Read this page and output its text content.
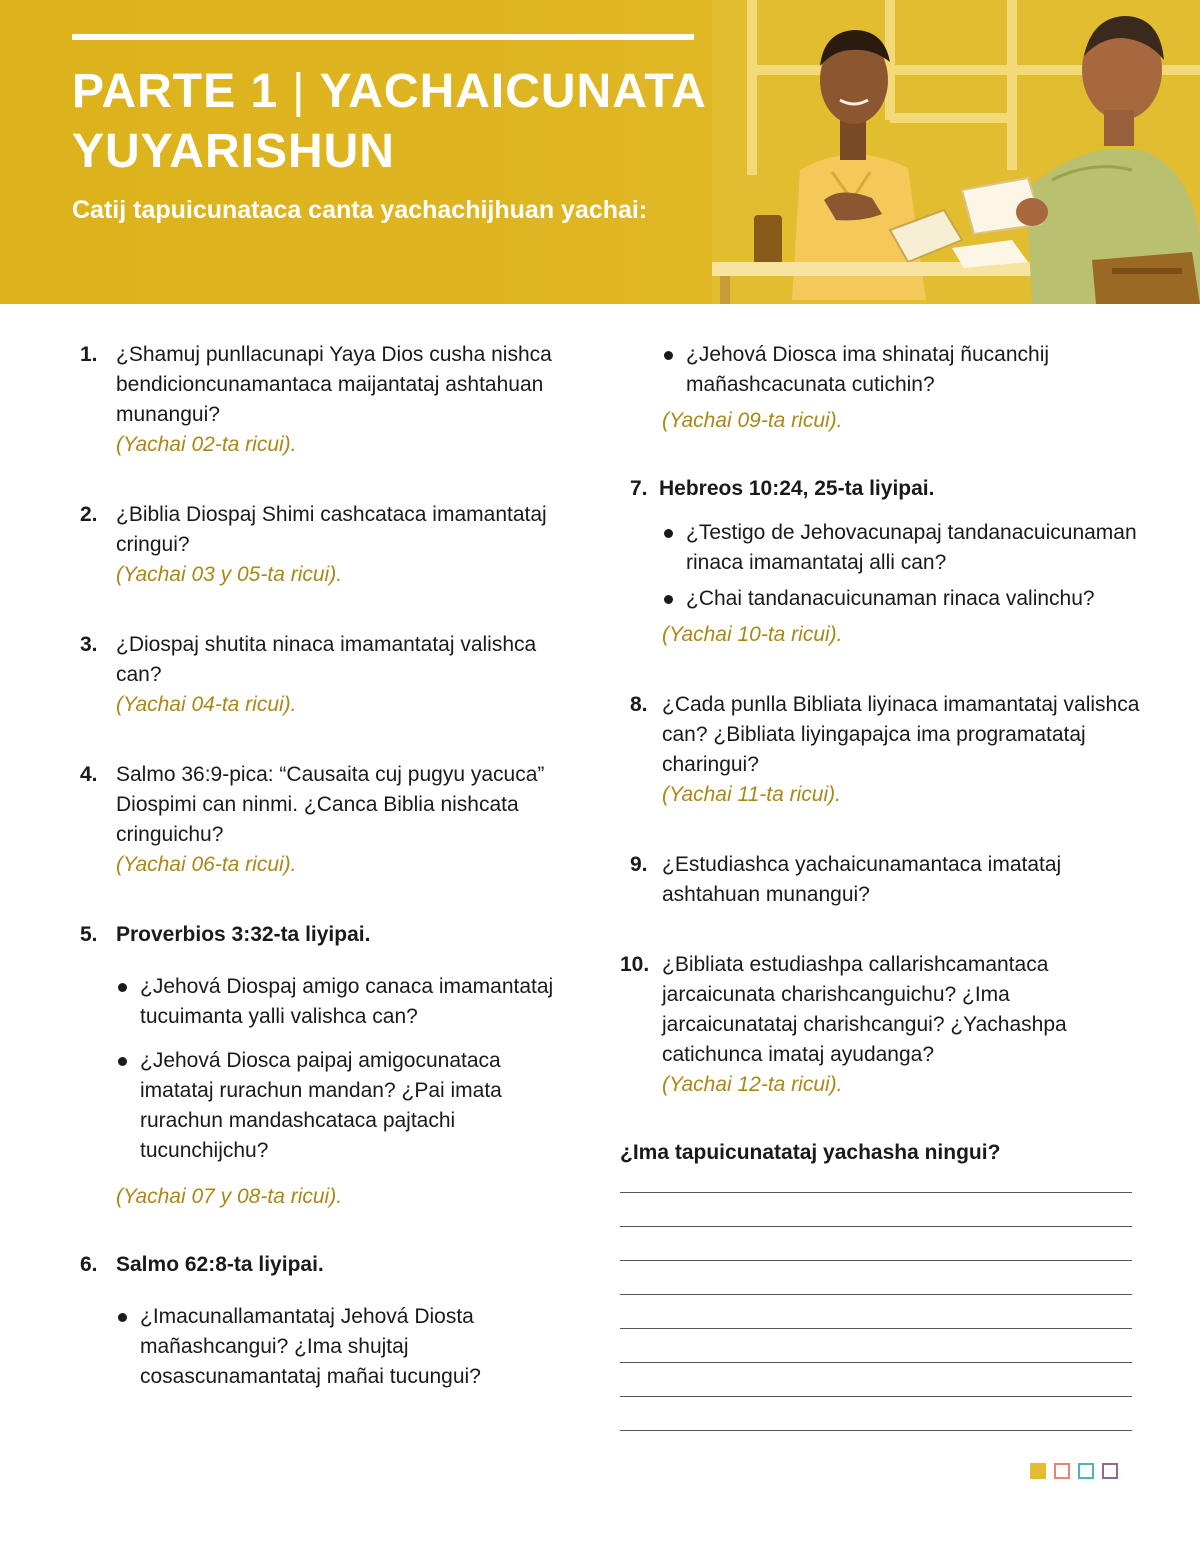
PARTE 1 | YACHAICUNATA YUYARISHUN

Catij tapuicunataca canta yachachijhuan yachai:

1. ¿Shamuj punllacunapi Yaya Dios cusha nishca bendicioncunamantaca maijantataj ashtahuan munangui?
(Yachai 02-ta ricui).
2. ¿Biblia Diospaj Shimi cashcataca imamantataj cringui?
(Yachai 03 y 05-ta ricui).
3. ¿Diospaj shutita ninaca imamantataj valishca can?
(Yachai 04-ta ricui).
4. Salmo 36:9-pica: “Causaita cuj pugyu yacuca” Diospimi can ninmi. ¿Canca Biblia nishcata cringuichu?
(Yachai 06-ta ricui).
5. Proverbios 3:32-ta liyipai.
¿Jehová Diospaj amigo canaca imamantataj tucuimanta yalli valishca can?
¿Jehová Diosca paipaj amigocunataca imatataj rurachun mandan? ¿Pai imata rurachun mandashcataca pajtachi tucunchijchu?
(Yachai 07 y 08-ta ricui).
6. Salmo 62:8-ta liyipai.
¿Imacunallamantataj Jehová Diosta mañashcangui? ¿Ima shujtaj cosascunamantataj mañai tucungui?
¿Jehová Diosca ima shinataj ñucanchij mañashcacunata cutichin?
(Yachai 09-ta ricui).
7. Hebreos 10:24, 25-ta liyipai.
¿Testigo de Jehovacunapaj tandanacuicunaman rinaca imamantataj alli can?
¿Chai tandanacuicunaman rinaca valinchu?
(Yachai 10-ta ricui).
8. ¿Cada punlla Bibliata liyinaca imamantataj valishca can? ¿Bibliata liyingapajca ima programatataj charingui?
(Yachai 11-ta ricui).
9. ¿Estudiashca yachaicunamantaca imatataj ashtahuan munangui?
10. ¿Bibliata estudiashpa callarishcamantaca jarcaicunata charishcanguichu? ¿Ima jarcaicunatataj charishcangui? ¿Yachashpa catichunca imataj ayudanga?
(Yachai 12-ta ricui).

¿Ima tapuicunatataj yachasha ningui?
